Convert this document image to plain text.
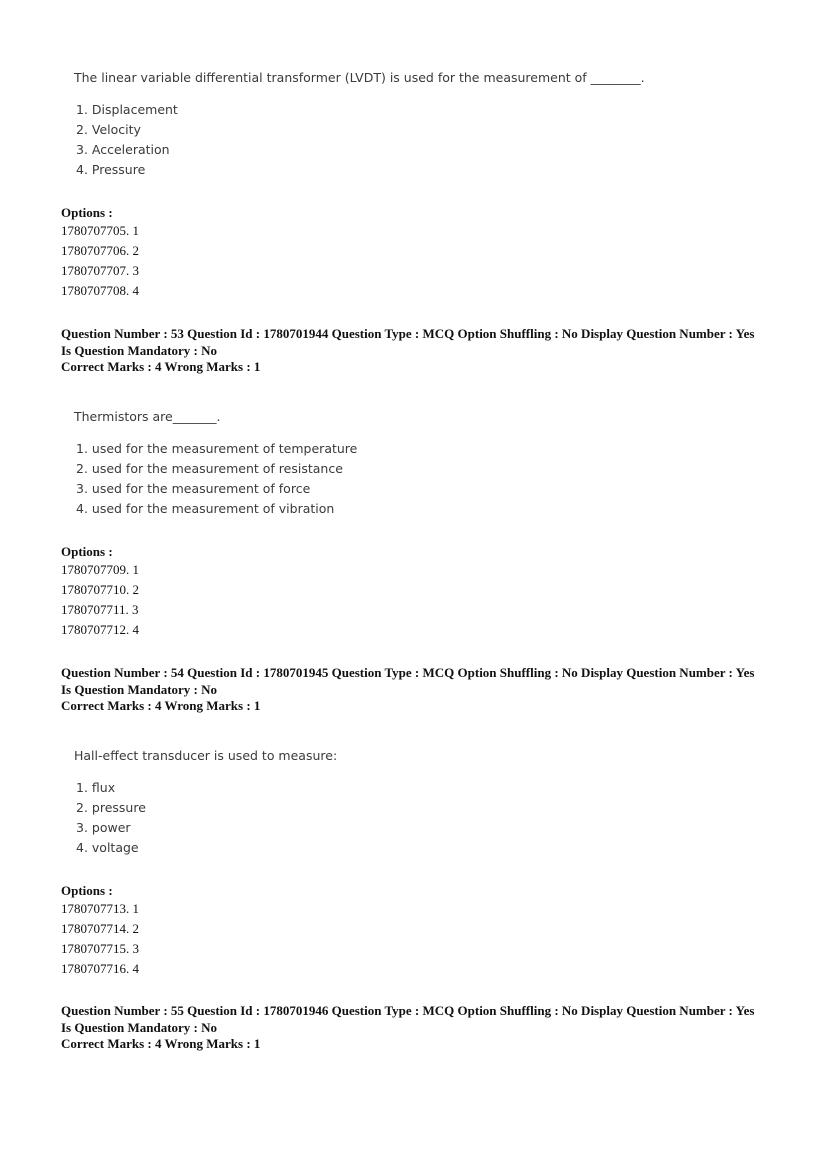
The linear variable differential transformer (LVDT) is used for the measurement of ________.
1. Displacement
2. Velocity
3. Acceleration
4. Pressure
Options :
1780707705. 1
1780707706. 2
1780707707. 3
1780707708. 4
Question Number : 53 Question Id : 1780701944 Question Type : MCQ Option Shuffling : No Display Question Number : Yes
Is Question Mandatory : No
Correct Marks : 4 Wrong Marks : 1
Thermistors are_______.
1. used for the measurement of temperature
2. used for the measurement of resistance
3. used for the measurement of force
4. used for the measurement of vibration
Options :
1780707709. 1
1780707710. 2
1780707711. 3
1780707712. 4
Question Number : 54 Question Id : 1780701945 Question Type : MCQ Option Shuffling : No Display Question Number : Yes
Is Question Mandatory : No
Correct Marks : 4 Wrong Marks : 1
Hall-effect transducer is used to measure:
1. flux
2. pressure
3. power
4. voltage
Options :
1780707713. 1
1780707714. 2
1780707715. 3
1780707716. 4
Question Number : 55 Question Id : 1780701946 Question Type : MCQ Option Shuffling : No Display Question Number : Yes
Is Question Mandatory : No
Correct Marks : 4 Wrong Marks : 1
